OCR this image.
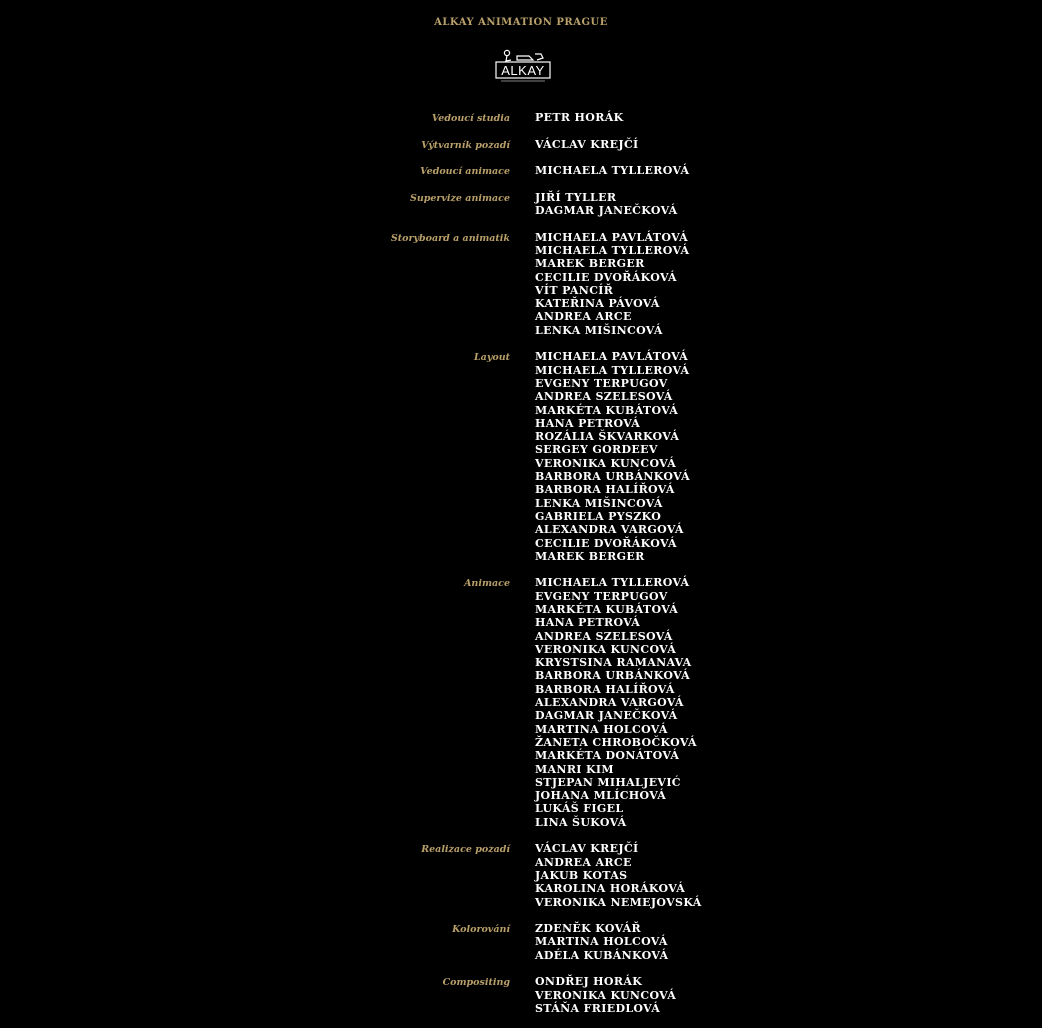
ALKAY ANIMATION PRAGUE
ALKAY
Vedoucí studia PETR HORÁK
Výtvarník pozadí VÁCLAV KREJČÍ
Vedoucí animace MICHAELA TYLLEROVÁ
Supervize animace JIŘÍ TYLLER
DAGMAR JANEČKOVÁ
Storyboard a animatik MICHAELA PAVLÁTOVÁ
MICHAELA TYLLEROVÁ
MAREK BERGER
CECILIE DVOŘÁKOVÁ
VÍT PANCÍŘ
KATEŘINA PÁVOVÁ
ANDREA ARCE
LENKA MIŠINCOVÁ
Layout MICHAELA PAVLÁTOVÁ
MICHAELA TYLLEROVÁ
EVGENY TERPUGOV
ANDREA SZELESOVÁ
MARKÉTA KUBÁTOVÁ
HANA PETROVÁ
ROZÁLIA ŠKVARKOVÁ
SERGEY GORDEEV
VERONIKA KUNCOVÁ
BARBORA URBÁNKOVÁ
BARBORA HALÍŘOVÁ
LENKA MIŠINCOVÁ
GABRIELA PYSZKO
ALEXANDRA VARGOVÁ
CECILIE DVOŘÁKOVÁ
MAREK BERGER
Animace MICHAELA TYLLEROVÁ
EVGENY TERPUGOV
MARKÉTA KUBÁTOVÁ
HANA PETROVÁ
ANDREA SZELESOVÁ
VERONIKA KUNCOVÁ
KRYSTSINA RAMANAVA
BARBORA URBÁNKOVÁ
BARBORA HALÍŘOVÁ
ALEXANDRA VARGOVÁ
DAGMAR JANEČKOVÁ
MARTINA HOLCOVÁ
ŽANETA CHROBOČKOVÁ
MARKÉTA DONÁTOVÁ
MANRI KIM
STJEPAN MIHALJEVIĆ
JOHANA MLÍCHOVÁ
LUKÁŠ FIGEL
LINA ŠUKOVÁ
Realizace pozadí VÁCLAV KREJČÍ
ANDREA ARCE
JAKUB KOTAS
KAROLINA HORÁKOVÁ
VERONIKA NEMEJOVSKÁ
Kolorování ZDENĚK KOVÁŘ
MARTINA HOLCOVÁ
ADÉLA KUBÁNKOVÁ
Compositing ONDŘEJ HORÁK
VERONIKA KUNCOVÁ
STÁŇA FRIEDLOVÁ
